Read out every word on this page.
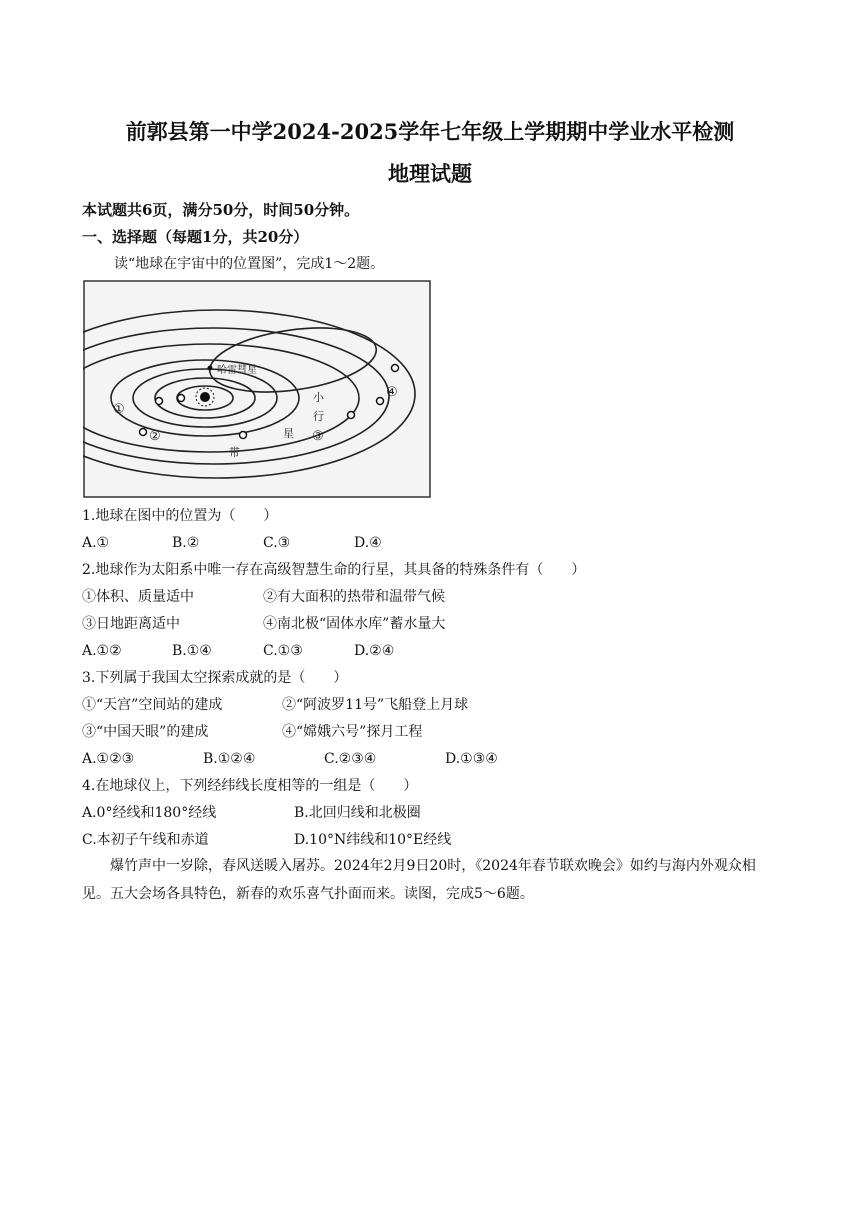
前郭县第一中学2024-2025学年七年级上学期期中学业水平检测
地理试题
本试题共6页，满分50分，时间50分钟。
一、选择题（每题1分，共20分）
读“地球在宇宙中的位置图”，完成1～2题。
哈雷彗星
小
行
星
带
①
②	③
④
1.地球在图中的位置为（　　）
A.①	B.②	C.③	D.④
2.地球作为太阳系中唯一存在高级智慧生命的行星，其具备的特殊条件有（　　）
①体积、质量适中	②有大面积的热带和温带气候
③日地距离适中	④南北极“固体水库”蓄水量大
A.①②	B.①④	C.①③	D.②④
3.下列属于我国太空探索成就的是（　　）
①“天宫”空间站的建成	②“阿波罗11号”飞船登上月球
③“中国天眼”的建成	④“嫦娥六号”探月工程
A.①②③	B.①②④	C.②③④	D.①③④
4.在地球仪上，下列经纬线长度相等的一组是（　　）
A.0°经线和180°经线	B.北回归线和北极圈
C.本初子午线和赤道	D.10°N纬线和10°E经线
爆竹声中一岁除，春风送暖入屠苏。2024年2月9日20时，《2024年春节联欢晚会》如约与海内外观众相见。五大会场各具特色，新春的欢乐喜气扑面而来。读图，完成5～6题。
